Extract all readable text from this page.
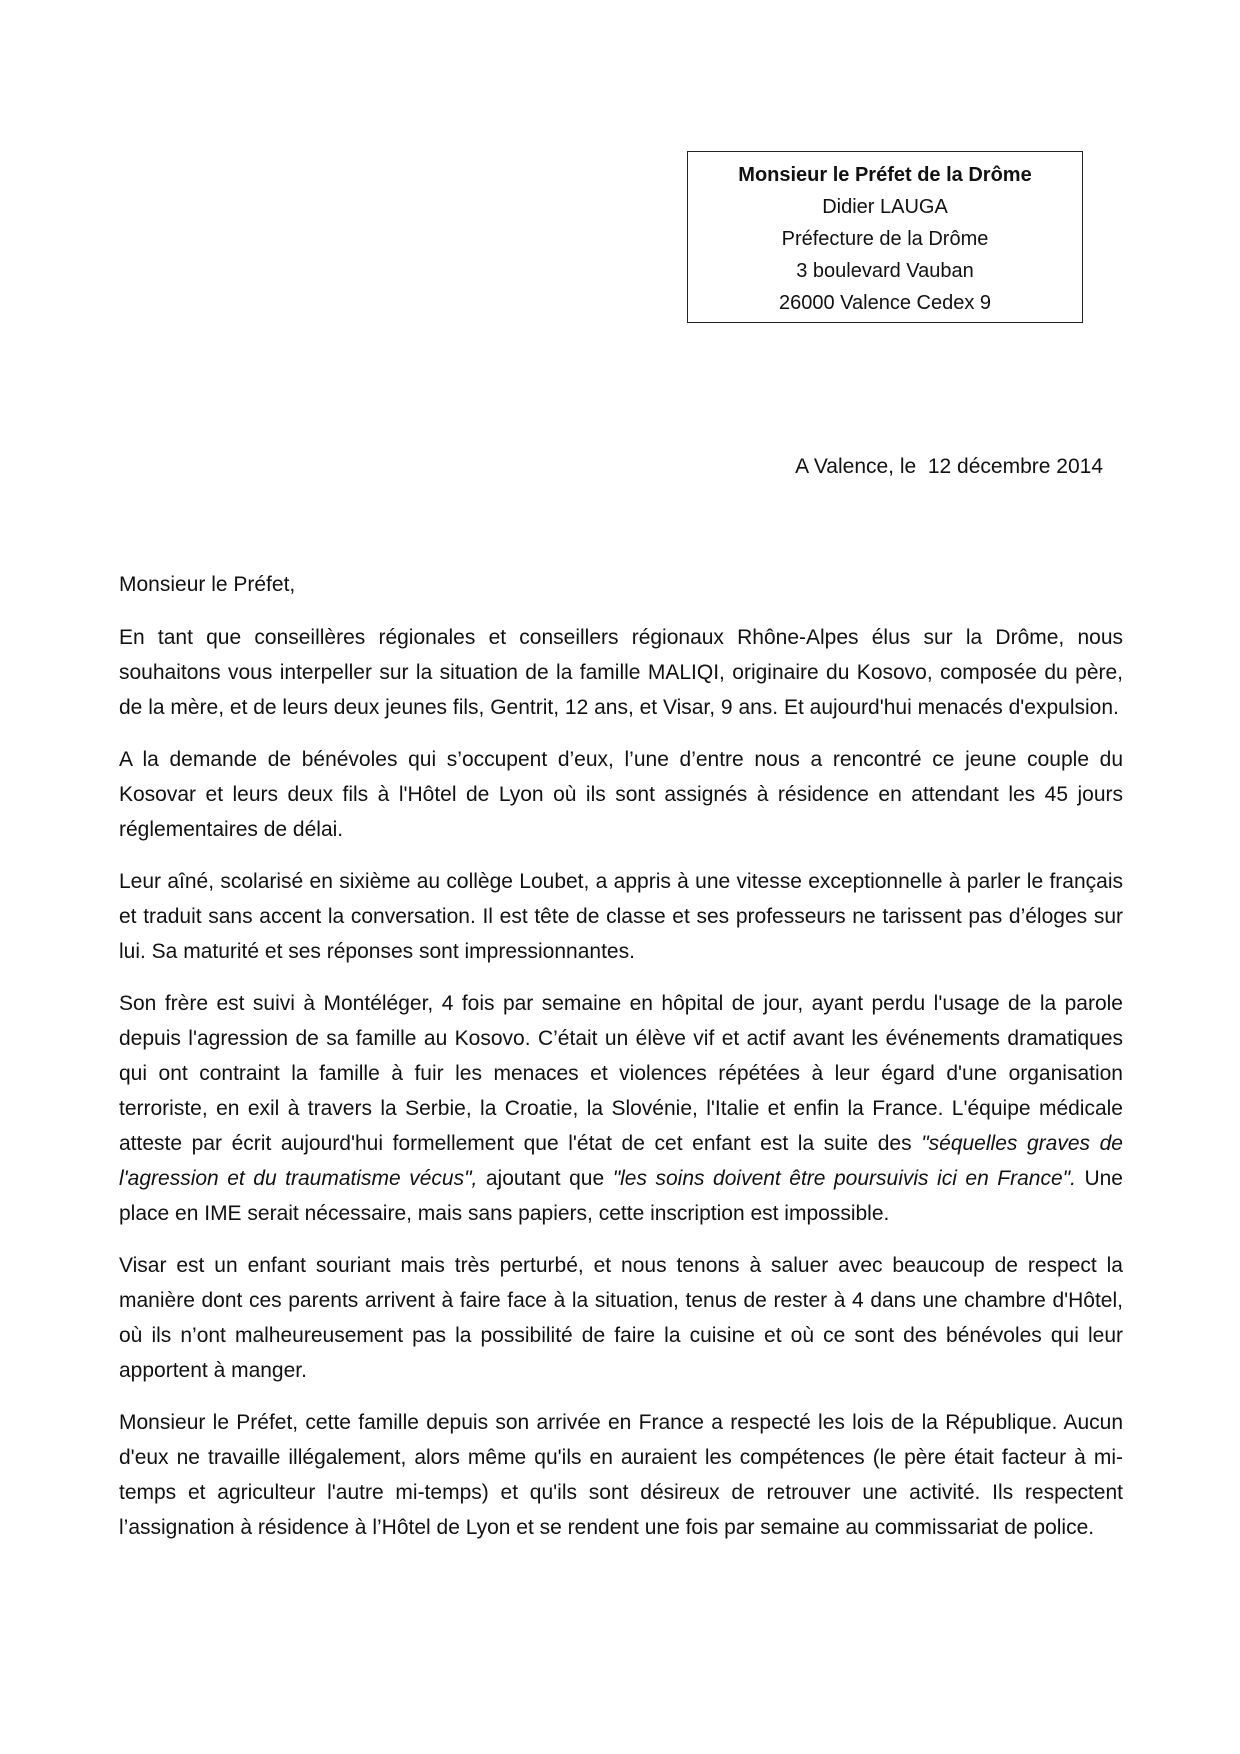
Monsieur le Préfet de la Drôme
Didier LAUGA
Préfecture de la Drôme
3 boulevard Vauban
26000 Valence Cedex 9
A Valence, le  12 décembre 2014

Monsieur le Préfet,

En tant que conseillères régionales et conseillers régionaux Rhône-Alpes élus sur la Drôme, nous souhaitons vous interpeller sur la situation de la famille MALIQI, originaire du Kosovo, composée du père, de la mère, et de leurs deux jeunes fils, Gentrit, 12 ans, et Visar, 9 ans. Et aujourd'hui menacés d'expulsion.

A la demande de bénévoles qui s’occupent d’eux, l’une d’entre nous a rencontré ce jeune couple du Kosovar et leurs deux fils à l'Hôtel de Lyon où ils sont assignés à résidence en attendant les 45 jours réglementaires de délai.

Leur aîné, scolarisé en sixième au collège Loubet, a appris à une vitesse exceptionnelle à parler le français et traduit sans accent la conversation. Il est tête de classe et ses professeurs ne tarissent pas d’éloges sur lui. Sa maturité et ses réponses sont impressionnantes.

Son frère est suivi à Montéléger, 4 fois par semaine en hôpital de jour, ayant perdu l'usage de la parole depuis l'agression de sa famille au Kosovo. C’était un élève vif et actif avant les événements dramatiques qui ont contraint la famille à fuir les menaces et violences répétées à leur égard d'une organisation terroriste, en exil à travers la Serbie, la Croatie, la Slovénie, l'Italie et enfin la France. L'équipe médicale atteste par écrit aujourd'hui formellement que l'état de cet enfant est la suite des "séquelles graves de l'agression et du traumatisme vécus", ajoutant que "les soins doivent être poursuivis ici en France". Une place en IME serait nécessaire, mais sans papiers, cette inscription est impossible.

Visar est un enfant souriant mais très perturbé, et nous tenons à saluer avec beaucoup de respect la manière dont ces parents arrivent à faire face à la situation, tenus de rester à 4 dans une chambre d'Hôtel, où ils n’ont malheureusement pas la possibilité de faire la cuisine et où ce sont des bénévoles qui leur apportent à manger.

Monsieur le Préfet, cette famille depuis son arrivée en France a respecté les lois de la République. Aucun d'eux ne travaille illégalement, alors même qu'ils en auraient les compétences (le père était facteur à mi-temps et agriculteur l'autre mi-temps) et qu'ils sont désireux de retrouver une activité. Ils respectent l’assignation à résidence à l’Hôtel de Lyon et se rendent une fois par semaine au commissariat de police.
